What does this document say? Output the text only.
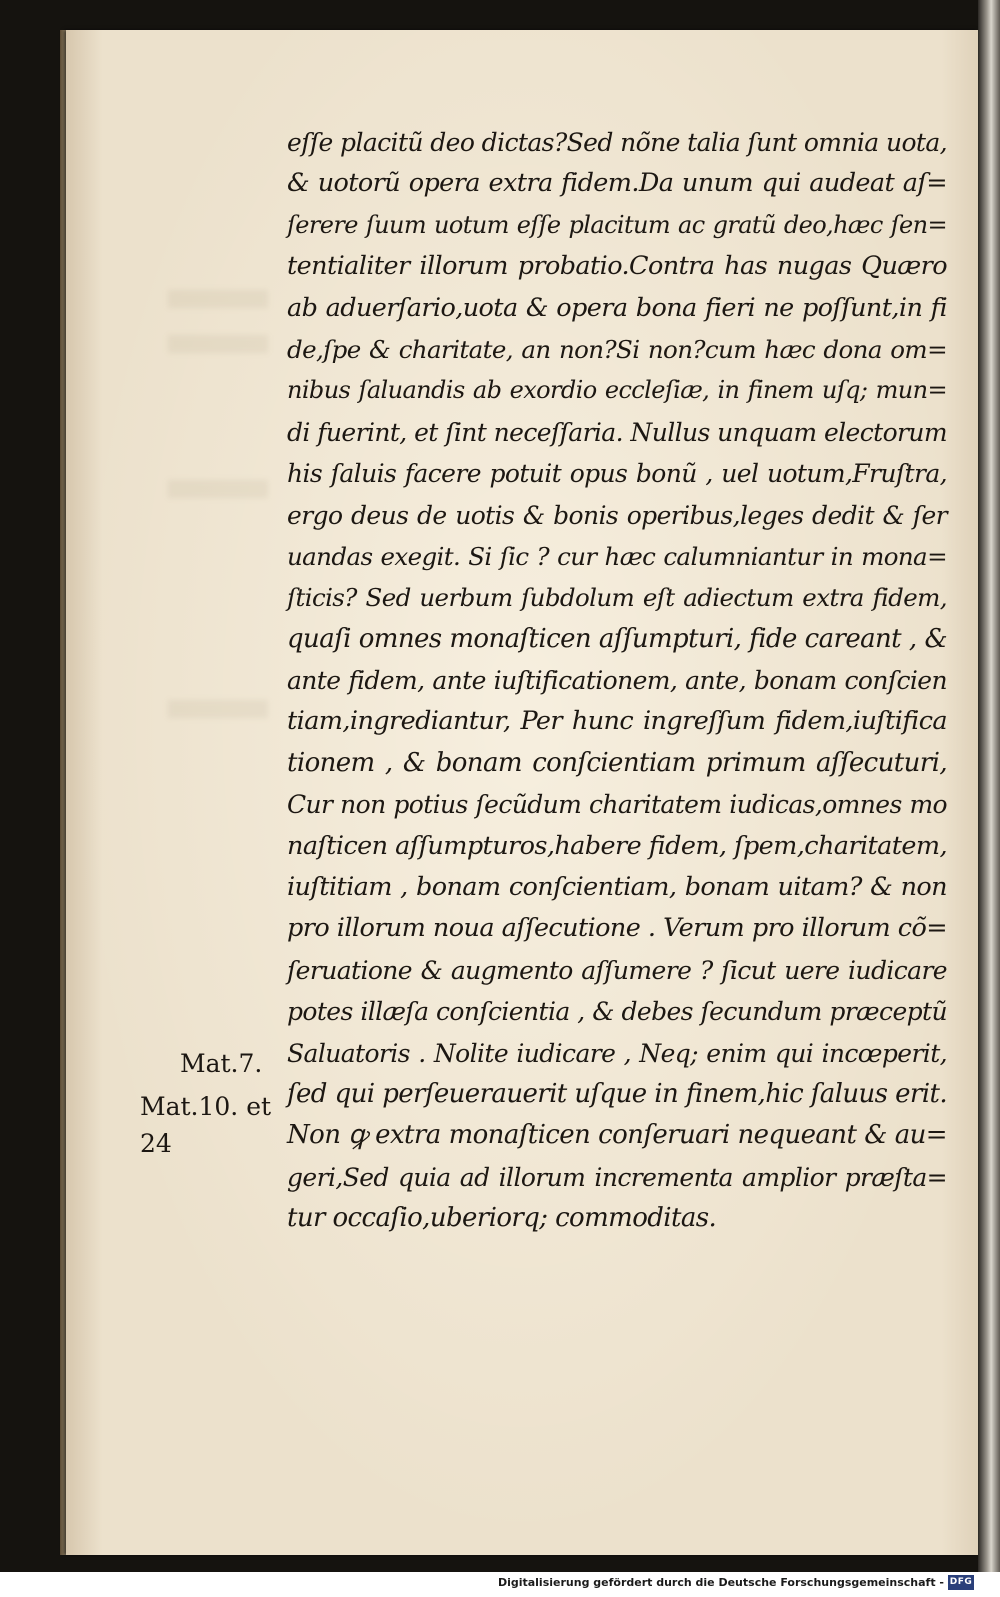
eſſe placitũ deo dictas?Sed nõne talia ſunt omnia uota,
& uotorũ opera extra fidem.Da unum qui audeat aſ=
ſerere ſuum uotum eſſe placitum ac gratũ deo,hæc ſen=
tentialiter illorum probatio.Contra has nugas Quæro
ab aduerſario,uota & opera bona fieri ne poſſunt,in fi
de,ſpe & charitate, an non?Si non?cum hæc dona om=
nibus ſaluandis ab exordio eccleſiæ, in finem uſq; mun=
di fuerint, et ſint neceſſaria. Nullus unquam electorum
his ſaluis facere potuit opus bonũ , uel uotum,Fruſtra,
ergo deus de uotis & bonis operibus,leges dedit & ſer
uandas exegit. Si ſic ? cur hæc calumniantur in mona=
ſticis? Sed uerbum ſubdolum eſt adiectum extra fidem,
quaſi omnes monaſticen aſſumpturi, fide careant , &
ante fidem, ante iuſtificationem, ante, bonam conſcien
tiam,ingrediantur, Per hunc ingreſſum fidem,iuſtifica
tionem , & bonam conſcientiam primum aſſecuturi,
Cur non potius ſecũdum charitatem iudicas,omnes mo
naſticen aſſumpturos,habere fidem, ſpem,charitatem,
iuſtitiam , bonam conſcientiam, bonam uitam? & non
pro illorum noua aſſecutione . Verum pro illorum cõ=
ſeruatione & augmento aſſumere ? ſicut uere iudicare
potes illæſa conſcientia , & debes ſecundum præceptũ
Saluatoris . Nolite iudicare , Neq; enim qui incœperit,
ſed qui perſeuerauerit uſque in finem,hic ſaluus erit.
Non ꝙ extra monaſticen conſeruari nequeant & au=
geri,Sed quia ad illorum incrementa amplior præſta=
tur occaſio,uberiorq; commoditas.
Mat.7.
Mat.10. et
24
Digitalisierung gefördert durch die Deutsche Forschungsgemeinschaft - DFG
